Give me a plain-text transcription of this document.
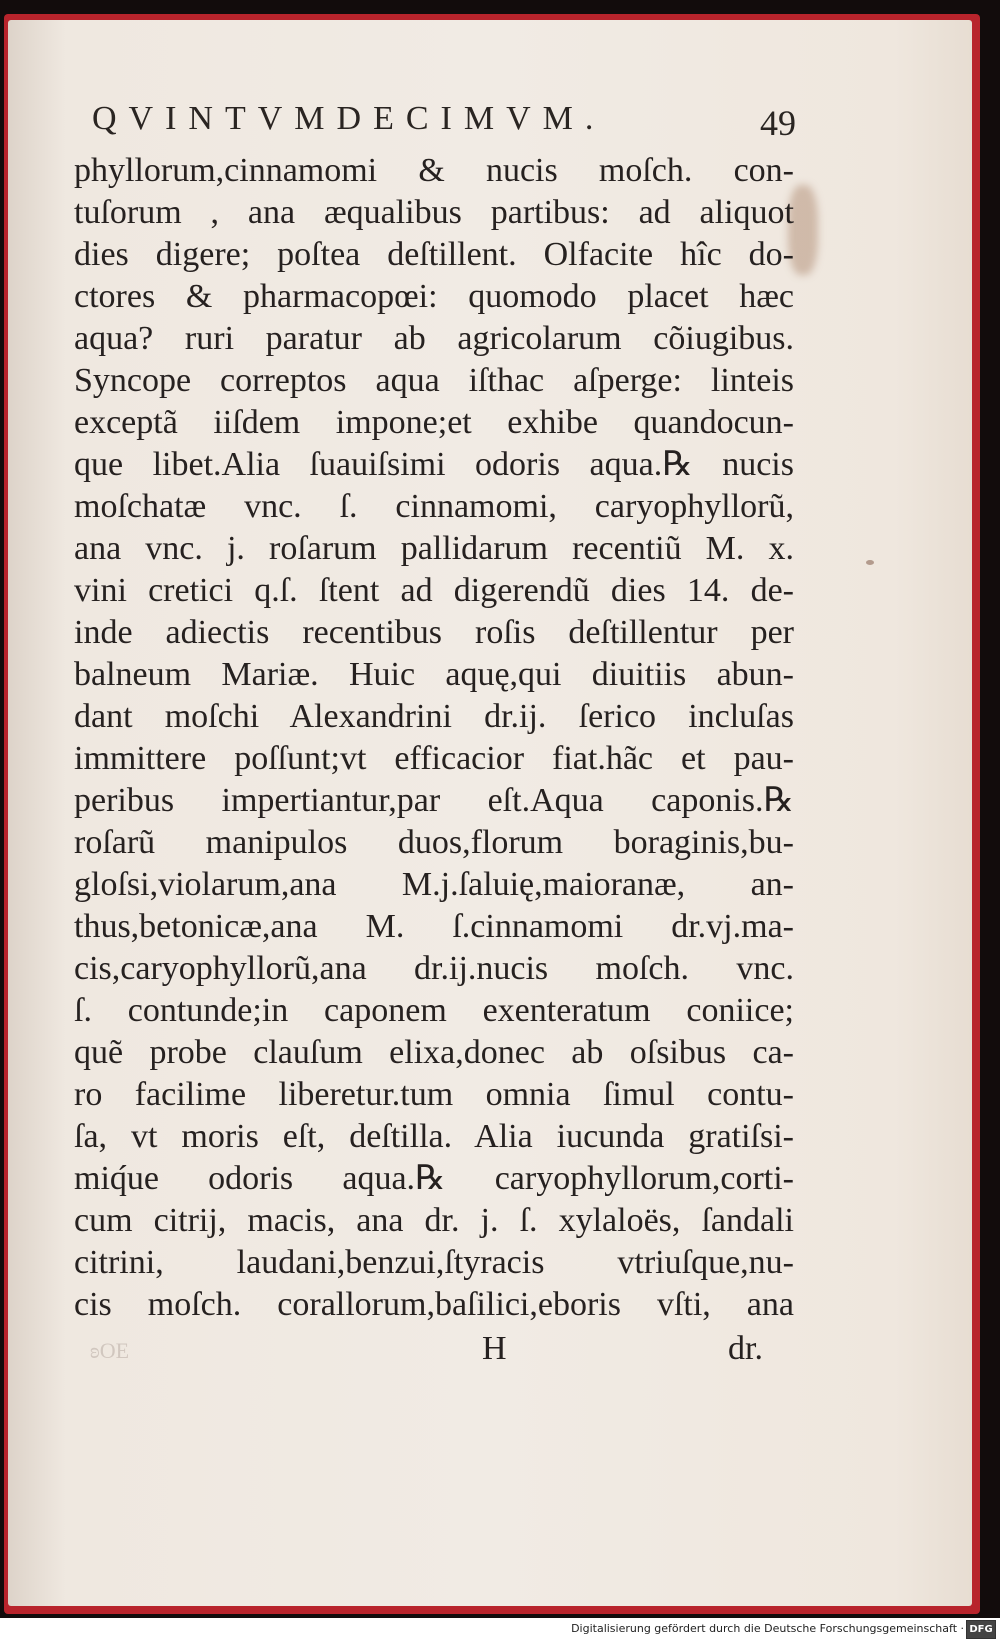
QVINTVMDECIMVM.	49
phyllorum,cinnamomi & nucis moſch. con-
tuſorum , ana æqualibus partibus: ad aliquot
dies digere; poſtea deſtillent. Olfacite hîc do-
ctores & pharmacopœi: quomodo placet hæc
aqua? ruri paratur ab agricolarum cõiugibus.
Syncope correptos aqua iſthac aſperge: linteis
exceptã iiſdem impone;et exhibe quandocun-
que libet.Alia ſuauiſsimi odoris aqua.℞ nucis
moſchatæ vnc. ſ. cinnamomi, caryophyllorũ,
ana vnc. j. roſarum pallidarum recentiũ M. x.
vini cretici q.ſ. ſtent ad digerendũ dies 14. de-
inde adiectis recentibus roſis deſtillentur per
balneum Mariæ. Huic aquę,qui diuitiis abun-
dant moſchi Alexandrini dr.ij. ſerico incluſas
immittere poſſunt;vt efficacior fiat.hãc et pau-
peribus impertiantur,par eſt.Aqua caponis.℞
roſarũ manipulos duos,florum boraginis,bu-
gloſsi,violarum,ana M.j.ſaluię,maioranæ, an-
thus,betonicæ,ana M. ſ.cinnamomi dr.vj.ma-
cis,caryophyllorũ,ana dr.ij.nucis moſch. vnc.
ſ. contunde;in caponem exenteratum coniice;
quẽ probe clauſum elixa,donec ab oſsibus ca-
ro facilime liberetur.tum omnia ſimul contu-
ſa, vt moris eſt, deſtilla. Alia iucunda gratiſsi-
miq́ue odoris aqua.℞ caryophyllorum,corti-
cum citrij, macis, ana dr. j. ſ. xylaloës, ſandali
citrini, laudani,benzui,ſtyracis vtriuſque,nu-
cis moſch. corallorum,baſilici,eboris vſti, ana
ʚOE	H	dr.
Digitalisierung gefördert durch die Deutsche Forschungsgemeinschaft · DFG
